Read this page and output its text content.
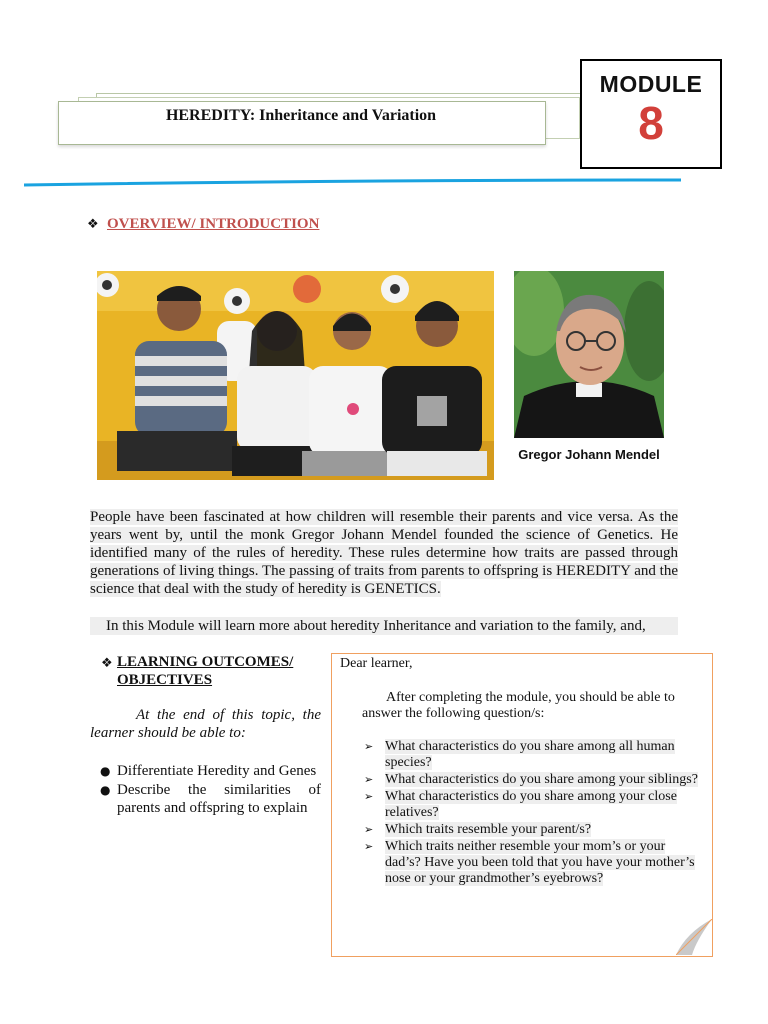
HEREDITY: Inheritance and Variation
MODULE
8
❖ OVERVIEW/ INTRODUCTION
Gregor Johann Mendel
People have been fascinated at how children will resemble their parents and vice versa. As the years went by, until the monk Gregor Johann Mendel founded the science of Genetics. He identified many of the rules of heredity. These rules determine how traits are passed through generations of living things. The passing of traits from parents to offspring is HEREDITY and the science that deal with the study of heredity is GENETICS.
In this Module will learn more about heredity Inheritance and variation to the family, and,
❖ LEARNING OUTCOMES/ OBJECTIVES
At the end of this topic, the learner should be able to:
● Differentiate Heredity and Genes
● Describe the similarities of parents and offspring to explain
Dear learner,
After completing the module, you should be able to answer the following question/s:
➢ What characteristics do you share among all human species?
➢ What characteristics do you share among your siblings?
➢ What characteristics do you share among your close relatives?
➢ Which traits resemble your parent/s?
➢ Which traits neither resemble your mom’s or your dad’s? Have you been told that you have your mother’s nose or your grandmother’s eyebrows?
